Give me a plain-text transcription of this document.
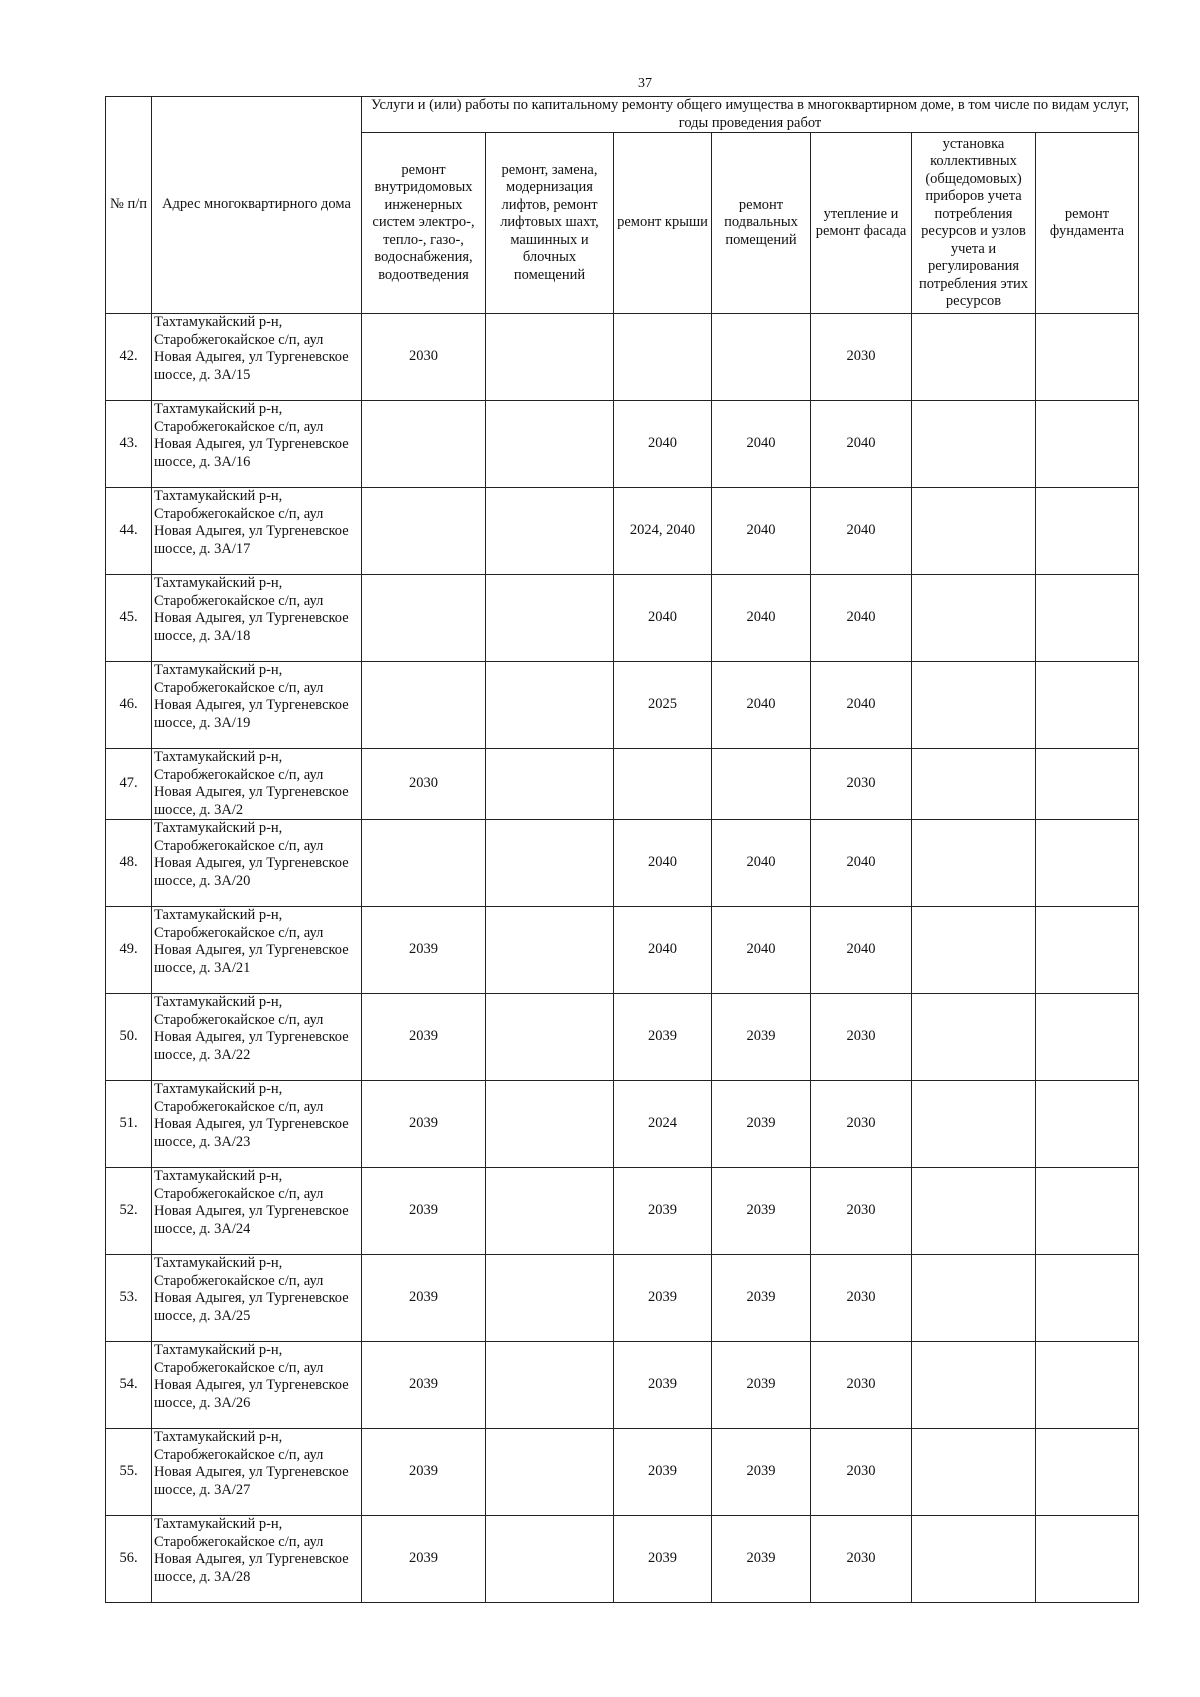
37
№ п/п	Адрес многоквартирного дома	Услуги и (или) работы по капитальному ремонту общего имущества в многоквартирном доме, в том числе по видам услуг, годы проведения работ						
		ремонт внутридомовых инженерных систем электро-, тепло-, газо-, водоснабжения, водоотведения	ремонт, замена, модернизация лифтов, ремонт лифтовых шахт, машинных и блочных помещений	ремонт крыши	ремонт подвальных помещений	утепление и ремонт фасада	установка коллективных (общедомовых) приборов учета потребления ресурсов и узлов учета и регулирования потребления этих ресурсов	ремонт фундамента
42.	Тахтамукайский р-н, Старобжегокайское с/п, аул Новая Адыгея, ул Тургеневское шоссе, д. 3А/15	2030				2030		
43.	Тахтамукайский р-н, Старобжегокайское с/п, аул Новая Адыгея, ул Тургеневское шоссе, д. 3А/16			2040	2040	2040		
44.	Тахтамукайский р-н, Старобжегокайское с/п, аул Новая Адыгея, ул Тургеневское шоссе, д. 3А/17			2024, 2040	2040	2040		
45.	Тахтамукайский р-н, Старобжегокайское с/п, аул Новая Адыгея, ул Тургеневское шоссе, д. 3А/18			2040	2040	2040		
46.	Тахтамукайский р-н, Старобжегокайское с/п, аул Новая Адыгея, ул Тургеневское шоссе, д. 3А/19			2025	2040	2040		
47.	Тахтамукайский р-н, Старобжегокайское с/п, аул Новая Адыгея, ул Тургеневское шоссе, д. 3А/2	2030				2030		
48.	Тахтамукайский р-н, Старобжегокайское с/п, аул Новая Адыгея, ул Тургеневское шоссе, д. 3А/20			2040	2040	2040		
49.	Тахтамукайский р-н, Старобжегокайское с/п, аул Новая Адыгея, ул Тургеневское шоссе, д. 3А/21	2039		2040	2040	2040		
50.	Тахтамукайский р-н, Старобжегокайское с/п, аул Новая Адыгея, ул Тургеневское шоссе, д. 3А/22	2039		2039	2039	2030		
51.	Тахтамукайский р-н, Старобжегокайское с/п, аул Новая Адыгея, ул Тургеневское шоссе, д. 3А/23	2039		2024	2039	2030		
52.	Тахтамукайский р-н, Старобжегокайское с/п, аул Новая Адыгея, ул Тургеневское шоссе, д. 3А/24	2039		2039	2039	2030		
53.	Тахтамукайский р-н, Старобжегокайское с/п, аул Новая Адыгея, ул Тургеневское шоссе, д. 3А/25	2039		2039	2039	2030		
54.	Тахтамукайский р-н, Старобжегокайское с/п, аул Новая Адыгея, ул Тургеневское шоссе, д. 3А/26	2039		2039	2039	2030		
55.	Тахтамукайский р-н, Старобжегокайское с/п, аул Новая Адыгея, ул Тургеневское шоссе, д. 3А/27	2039		2039	2039	2030		
56.	Тахтамукайский р-н, Старобжегокайское с/п, аул Новая Адыгея, ул Тургеневское шоссе, д. 3А/28	2039		2039	2039	2030		
